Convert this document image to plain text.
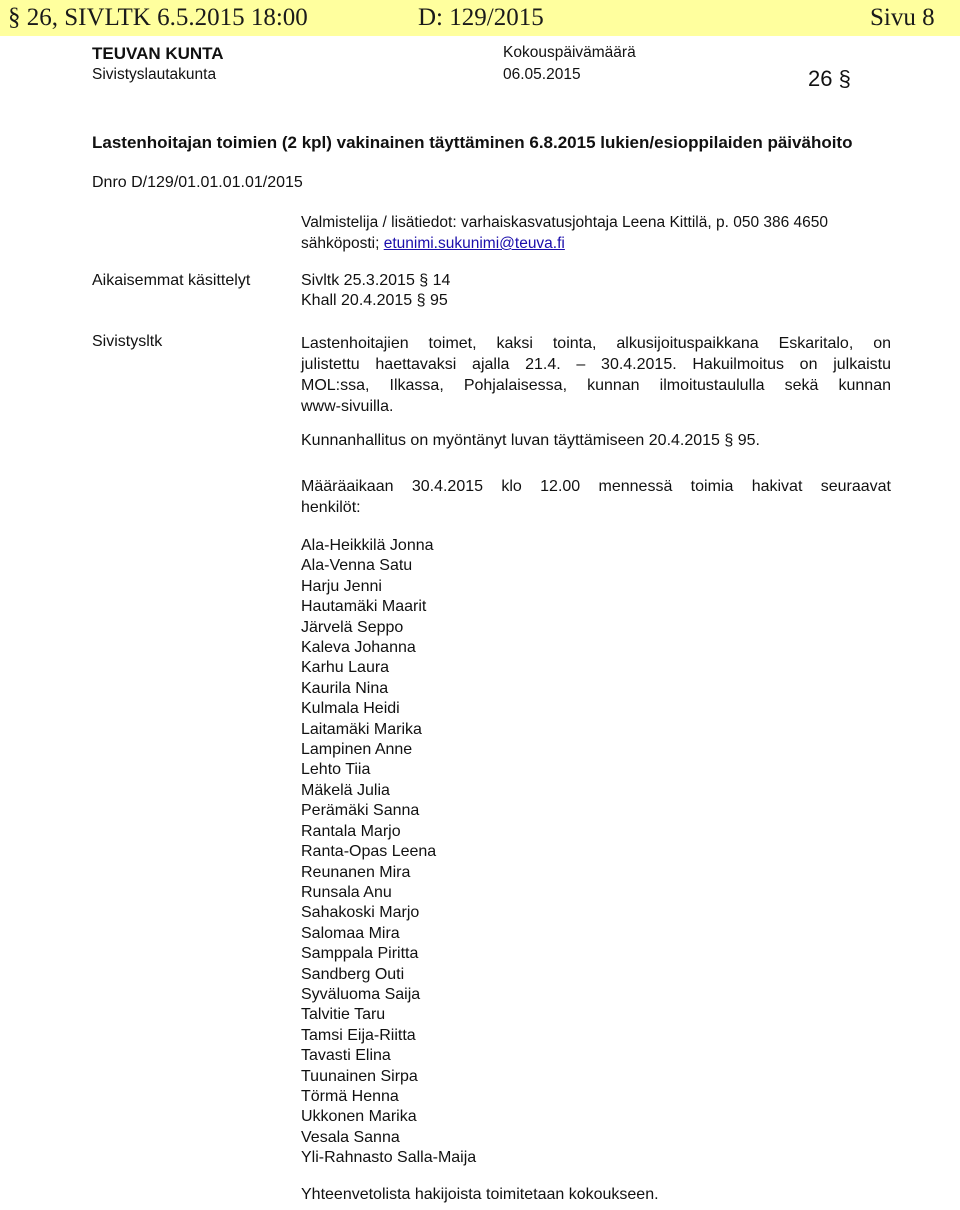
§ 26, SIVLTK 6.5.2015 18:00	D: 129/2015	Sivu 8
TEUVAN KUNTA
Sivistyslautakunta
Kokouspäivämäärä
06.05.2015	26 §
Lastenhoitajan toimien (2 kpl) vakinainen täyttäminen 6.8.2015 lukien/esioppilaiden päivähoito
Dnro D/129/01.01.01.01/2015
Valmistelija / lisätiedot: varhaiskasvatusjohtaja Leena Kittilä, p. 050 386 4650
sähköposti; etunimi.sukunimi@teuva.fi
Aikaisemmat käsittelyt	Sivltk 25.3.2015 § 14
Khall 20.4.2015 § 95
Sivistysltk	Lastenhoitajien toimet, kaksi tointa, alkusijoituspaikkana Eskaritalo, on
julistettu haettavaksi ajalla 21.4. – 30.4.2015. Hakuilmoitus on julkaistu
MOL:ssa, Ilkassa, Pohjalaisessa, kunnan ilmoitustaululla sekä kunnan
www-sivuilla.
Kunnanhallitus on myöntänyt luvan täyttämiseen 20.4.2015 § 95.
Määräaikaan 30.4.2015 klo 12.00 mennessä toimia hakivat seuraavat
henkilöt:
Ala-Heikkilä Jonna
Ala-Venna Satu
Harju Jenni
Hautamäki Maarit
Järvelä Seppo
Kaleva Johanna
Karhu Laura
Kaurila Nina
Kulmala Heidi
Laitamäki Marika
Lampinen Anne
Lehto Tiia
Mäkelä Julia
Perämäki Sanna
Rantala Marjo
Ranta-Opas Leena
Reunanen Mira
Runsala Anu
Sahakoski Marjo
Salomaa Mira
Samppala Piritta
Sandberg Outi
Syväluoma Saija
Talvitie Taru
Tamsi Eija-Riitta
Tavasti Elina
Tuunainen Sirpa
Törmä Henna
Ukkonen Marika
Vesala Sanna
Yli-Rahnasto Salla-Maija
Yhteenvetolista hakijoista toimitetaan kokoukseen.
